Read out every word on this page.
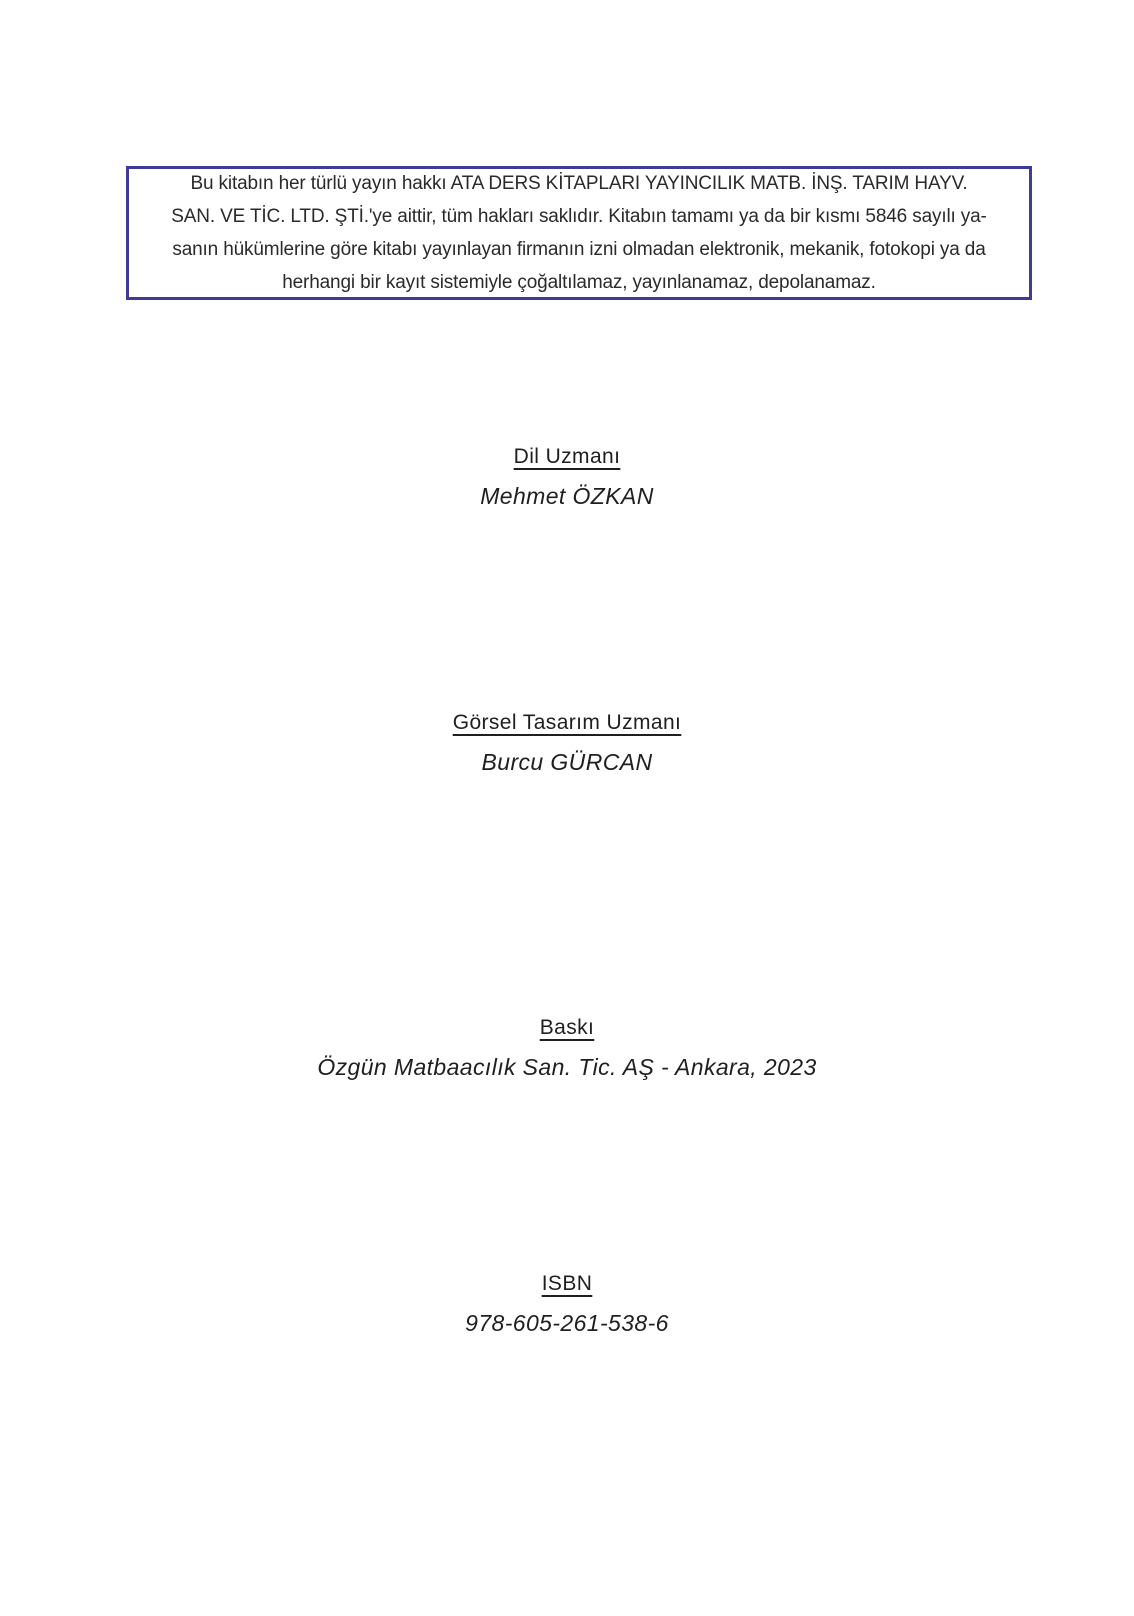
Bu kitabın her türlü yayın hakkı ATA DERS KİTAPLARI YAYINCILIK MATB. İNŞ. TARIM HAYV.
SAN. VE TİC. LTD. ŞTİ.'ye aittir, tüm hakları saklıdır. Kitabın tamamı ya da bir kısmı 5846 sayılı ya-
sanın hükümlerine göre kitabı yayınlayan firmanın izni olmadan elektronik, mekanik, fotokopi ya da
herhangi bir kayıt sistemiyle çoğaltılamaz, yayınlanamaz, depolanamaz.
Dil Uzmanı
Mehmet ÖZKAN
Görsel Tasarım Uzmanı
Burcu GÜRCAN
Baskı
Özgün Matbaacılık San. Tic. AŞ - Ankara, 2023
ISBN
978-605-261-538-6
